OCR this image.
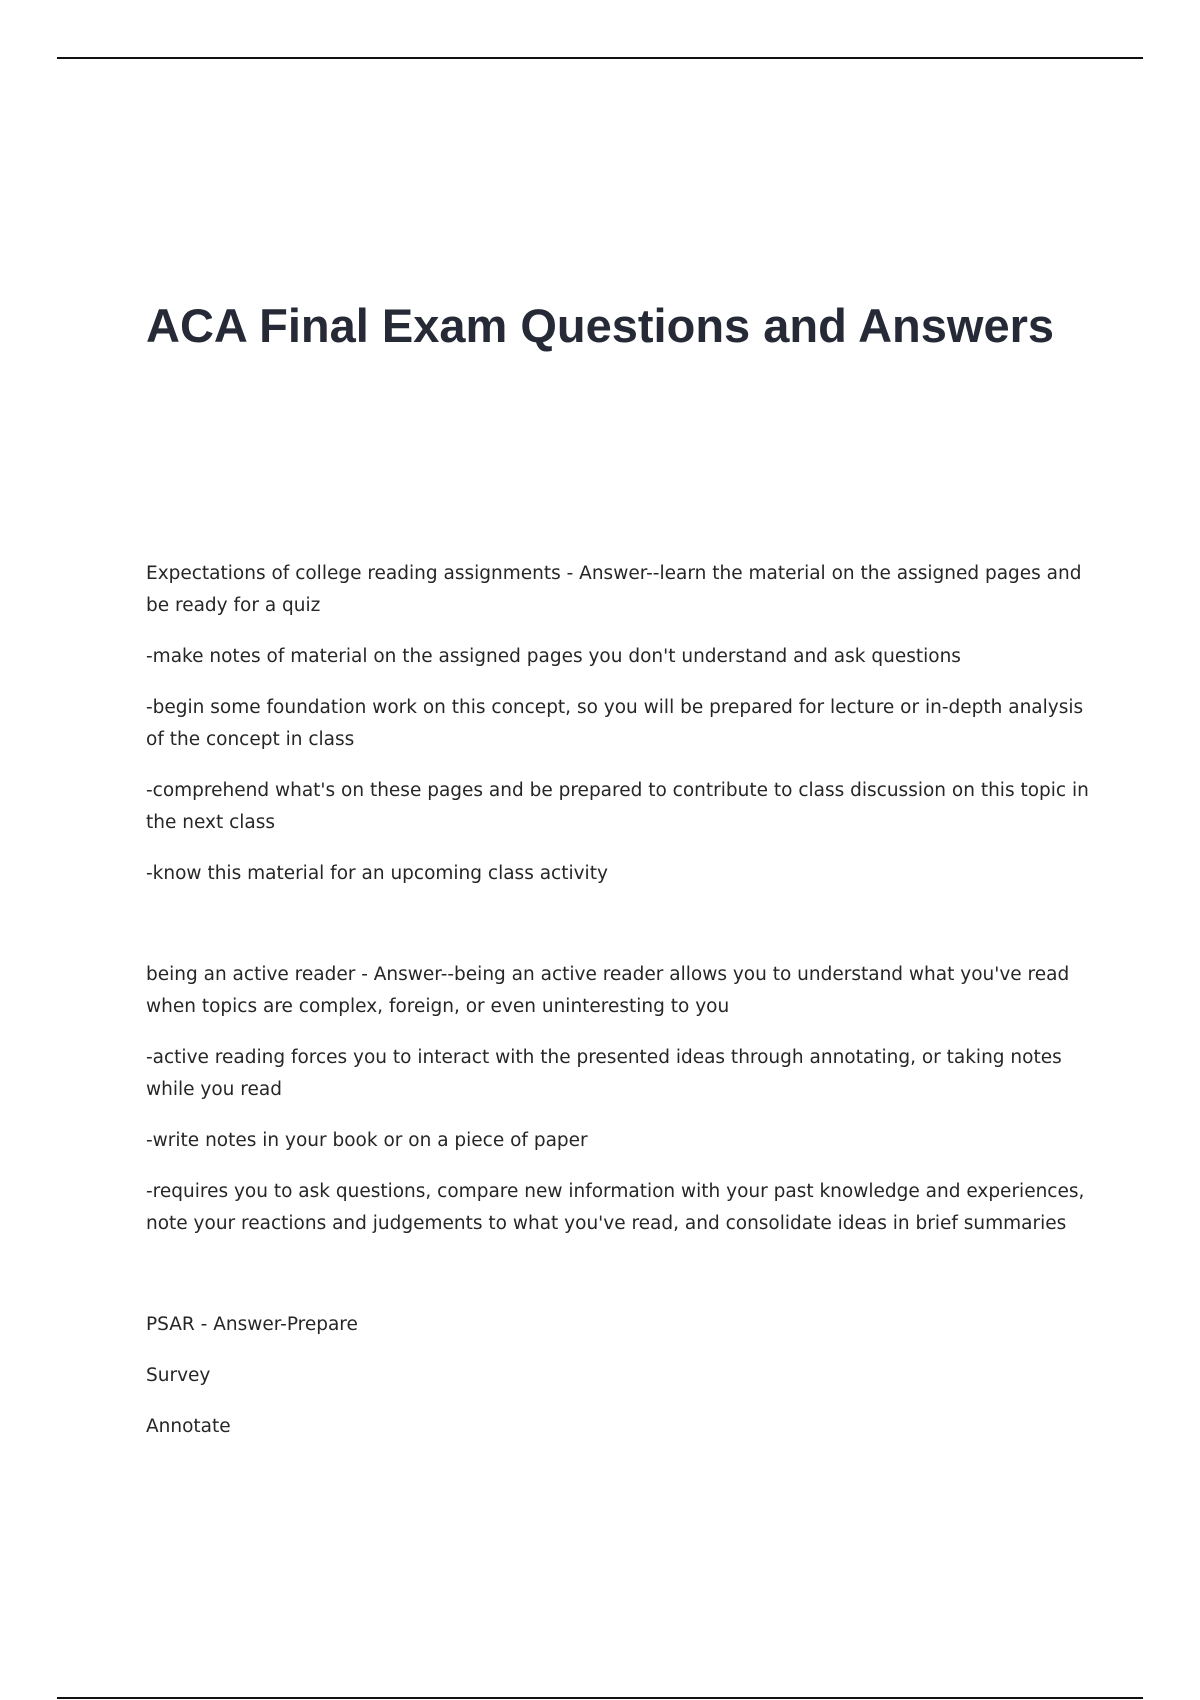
ACA Final Exam Questions and Answers

Expectations of college reading assignments - Answer--learn the material on the assigned pages and be ready for a quiz

-make notes of material on the assigned pages you don't understand and ask questions

-begin some foundation work on this concept, so you will be prepared for lecture or in-depth analysis of the concept in class

-comprehend what's on these pages and be prepared to contribute to class discussion on this topic in the next class

-know this material for an upcoming class activity

being an active reader - Answer--being an active reader allows you to understand what you've read when topics are complex, foreign, or even uninteresting to you

-active reading forces you to interact with the presented ideas through annotating, or taking notes while you read

-write notes in your book or on a piece of paper

-requires you to ask questions, compare new information with your past knowledge and experiences, note your reactions and judgements to what you've read, and consolidate ideas in brief summaries

PSAR - Answer-Prepare

Survey

Annotate
